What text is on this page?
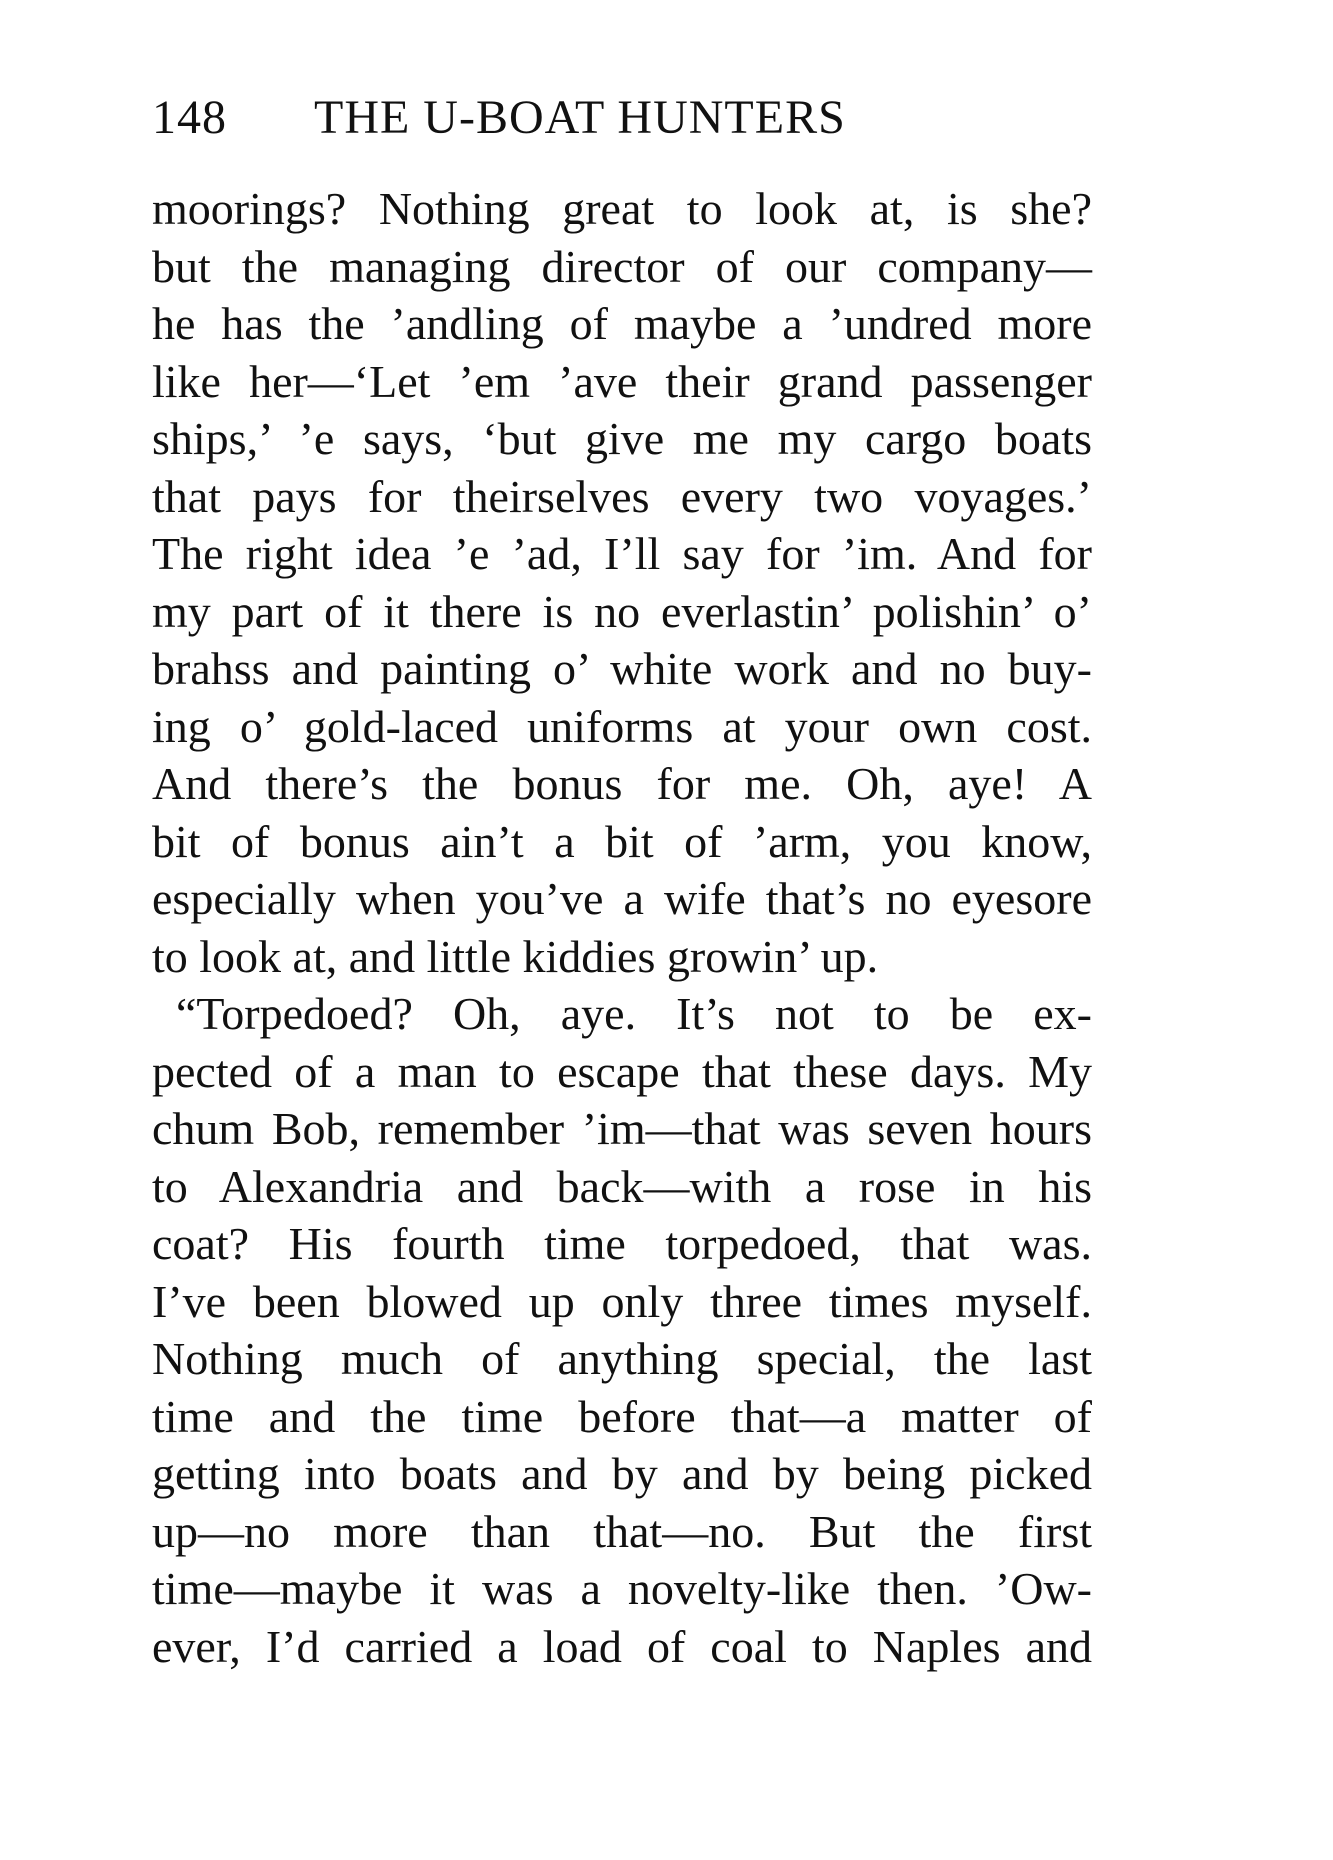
148 THE U-BOAT HUNTERS
moorings? Nothing great to look at, is she?
but the managing director of our company—
he has the ’andling of maybe a ’undred more
like her—‘Let ’em ’ave their grand passenger
ships,’ ’e says, ‘but give me my cargo boats
that pays for theirselves every two voyages.’
The right idea ’e ’ad, I’ll say for ’im. And for
my part of it there is no everlastin’ polishin’ o’
brahss and painting o’ white work and no buy-
ing o’ gold-laced uniforms at your own cost.
And there’s the bonus for me. Oh, aye! A
bit of bonus ain’t a bit of ’arm, you know,
especially when you’ve a wife that’s no eyesore
to look at, and little kiddies growin’ up.
“Torpedoed? Oh, aye. It’s not to be ex-
pected of a man to escape that these days. My
chum Bob, remember ’im—that was seven hours
to Alexandria and back—with a rose in his
coat? His fourth time torpedoed, that was.
I’ve been blowed up only three times myself.
Nothing much of anything special, the last
time and the time before that—a matter of
getting into boats and by and by being picked
up—no more than that—no. But the first
time—maybe it was a novelty-like then. ’Ow-
ever, I’d carried a load of coal to Naples and
